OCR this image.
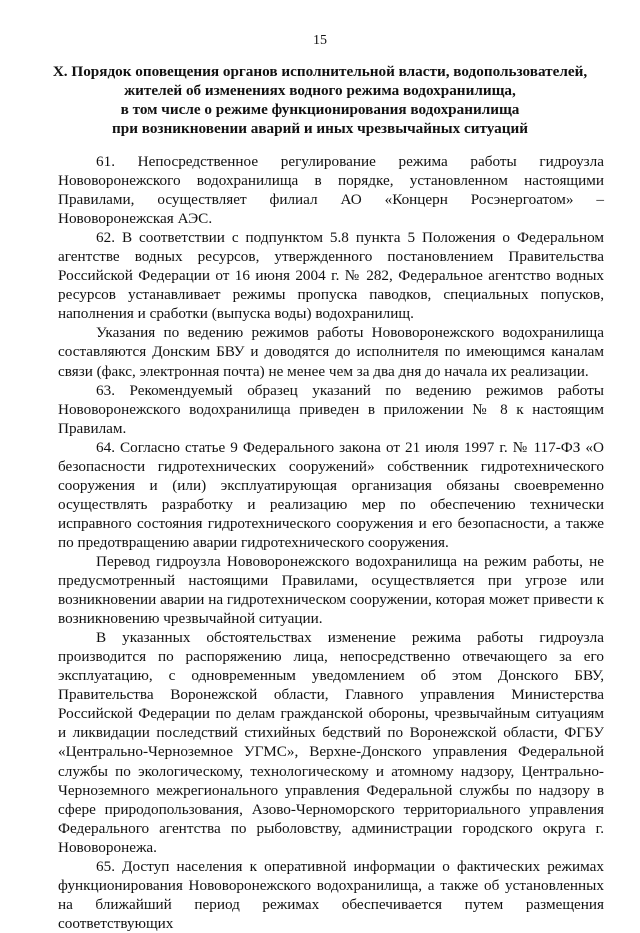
15
X. Порядок оповещения органов исполнительной власти, водопользователей,
жителей об изменениях водного режима водохранилища,
в том числе о режиме функционирования водохранилища
при возникновении аварий и иных чрезвычайных ситуаций

61. Непосредственное регулирование режима работы гидроузла Нововоронежского водохранилища в порядке, установленном настоящими Правилами, осуществляет филиал АО «Концерн Росэнергоатом» – Нововоронежская АЭС.

62. В соответствии с подпунктом 5.8 пункта 5 Положения о Федеральном агентстве водных ресурсов, утвержденного постановлением Правительства Российской Федерации от 16 июня 2004 г. № 282, Федеральное агентство водных ресурсов устанавливает режимы пропуска паводков, специальных попусков, наполнения и сработки (выпуска воды) водохранилищ.

Указания по ведению режимов работы Нововоронежского водохранилища составляются Донским БВУ и доводятся до исполнителя по имеющимся каналам связи (факс, электронная почта) не менее чем за два дня до начала их реализации.

63. Рекомендуемый образец указаний по ведению режимов работы Нововоронежского водохранилища приведен в приложении № 8 к настоящим Правилам.

64. Согласно статье 9 Федерального закона от 21 июля 1997 г. № 117-ФЗ «О безопасности гидротехнических сооружений» собственник гидротехнического сооружения и (или) эксплуатирующая организация обязаны своевременно осуществлять разработку и реализацию мер по обеспечению технически исправного состояния гидротехнического сооружения и его безопасности, а также по предотвращению аварии гидротехнического сооружения.

Перевод гидроузла Нововоронежского водохранилища на режим работы, не предусмотренный настоящими Правилами, осуществляется при угрозе или возникновении аварии на гидротехническом сооружении, которая может привести к возникновению чрезвычайной ситуации.

В указанных обстоятельствах изменение режима работы гидроузла производится по распоряжению лица, непосредственно отвечающего за его эксплуатацию, с одновременным уведомлением об этом Донского БВУ, Правительства Воронежской области, Главного управления Министерства Российской Федерации по делам гражданской обороны, чрезвычайным ситуациям и ликвидации последствий стихийных бедствий по Воронежской области, ФГБУ «Центрально-Черноземное УГМС», Верхне-Донского управления Федеральной службы по экологическому, технологическому и атомному надзору, Центрально-Черноземного межрегионального управления Федеральной службы по надзору в сфере природопользования, Азово-Черноморского территориального управления Федерального агентства по рыболовству, администрации городского округа г. Нововоронежа.

65. Доступ населения к оперативной информации о фактических режимах функционирования Нововоронежского водохранилища, а также об установленных на ближайший период режимах обеспечивается путем размещения соответствующих
